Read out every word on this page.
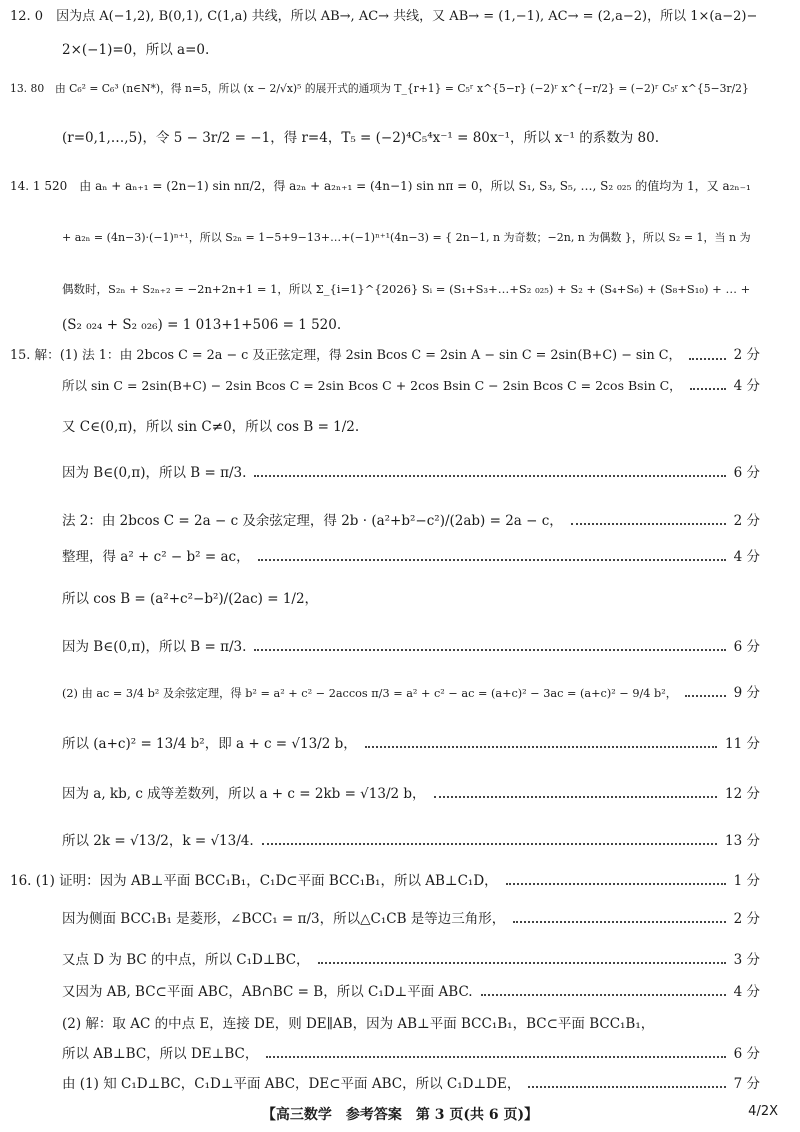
12. 0　因为点 A(−1,2), B(0,1), C(1,a) 共线，所以 AB→, AC→ 共线，又 AB→ = (1,−1), AC→ = (2,a−2)，所以 1×(a−2)−
2×(−1)=0，所以 a=0.
13. 80　由 C₆² = C₆³ (n∈N*)，得 n=5，所以 (x − 2/√x)⁵ 的展开式的通项为 T_{r+1} = C₅ʳ x^{5−r} (−2)ʳ x^{−r/2} = (−2)ʳ C₅ʳ x^{5−3r/2}
(r=0,1,…,5)，令 5 − 3r/2 = −1，得 r=4，T₅ = (−2)⁴C₅⁴x⁻¹ = 80x⁻¹，所以 x⁻¹ 的系数为 80.
14. 1 520　由 aₙ + aₙ₊₁ = (2n−1) sin nπ/2，得 a₂ₙ + a₂ₙ₊₁ = (4n−1) sin nπ = 0，所以 S₁, S₃, S₅, …, S₂ ₀₂₅ 的值均为 1，又 a₂ₙ₋₁
+ a₂ₙ = (4n−3)·(−1)ⁿ⁺¹，所以 S₂ₙ = 1−5+9−13+…+(−1)ⁿ⁺¹(4n−3) = { 2n−1, n 为奇数；−2n, n 为偶数 }，所以 S₂ = 1，当 n 为
偶数时，S₂ₙ + S₂ₙ₊₂ = −2n+2n+1 = 1，所以 Σ_{i=1}^{2026} Sᵢ = (S₁+S₃+…+S₂ ₀₂₅) + S₂ + (S₄+S₆) + (S₈+S₁₀) + … +
(S₂ ₀₂₄ + S₂ ₀₂₆) = 1 013+1+506 = 1 520.
15. 解：(1) 法 1：由 2bcos C = 2a − c 及正弦定理，得 2sin Bcos C = 2sin A − sin C = 2sin(B+C) − sin C，	2 分
所以 sin C = 2sin(B+C) − 2sin Bcos C = 2sin Bcos C + 2cos Bsin C − 2sin Bcos C = 2cos Bsin C，	4 分
又 C∈(0,π)，所以 sin C≠0，所以 cos B = 1/2.
因为 B∈(0,π)，所以 B = π/3.	6 分
法 2：由 2bcos C = 2a − c 及余弦定理，得 2b · (a²+b²−c²)/(2ab) = 2a − c，	2 分
整理，得 a² + c² − b² = ac，	4 分
所以 cos B = (a²+c²−b²)/(2ac) = 1/2，
因为 B∈(0,π)，所以 B = π/3.	6 分
(2) 由 ac = 3/4 b² 及余弦定理，得 b² = a² + c² − 2accos π/3 = a² + c² − ac = (a+c)² − 3ac = (a+c)² − 9/4 b²，	9 分
所以 (a+c)² = 13/4 b²，即 a + c = √13/2 b，	11 分
因为 a, kb, c 成等差数列，所以 a + c = 2kb = √13/2 b，	12 分
所以 2k = √13/2，k = √13/4.	13 分
16. (1) 证明：因为 AB⊥平面 BCC₁B₁，C₁D⊂平面 BCC₁B₁，所以 AB⊥C₁D，	1 分
因为侧面 BCC₁B₁ 是菱形，∠BCC₁ = π/3，所以△C₁CB 是等边三角形，	2 分
又点 D 为 BC 的中点，所以 C₁D⊥BC，	3 分
又因为 AB, BC⊂平面 ABC，AB∩BC = B，所以 C₁D⊥平面 ABC.	4 分
(2) 解：取 AC 的中点 E，连接 DE，则 DE∥AB，因为 AB⊥平面 BCC₁B₁，BC⊂平面 BCC₁B₁，
所以 AB⊥BC，所以 DE⊥BC，	6 分
由 (1) 知 C₁D⊥BC，C₁D⊥平面 ABC，DE⊂平面 ABC，所以 C₁D⊥DE，	7 分
【高三数学　参考答案　第 3 页(共 6 页)】	4/2X
